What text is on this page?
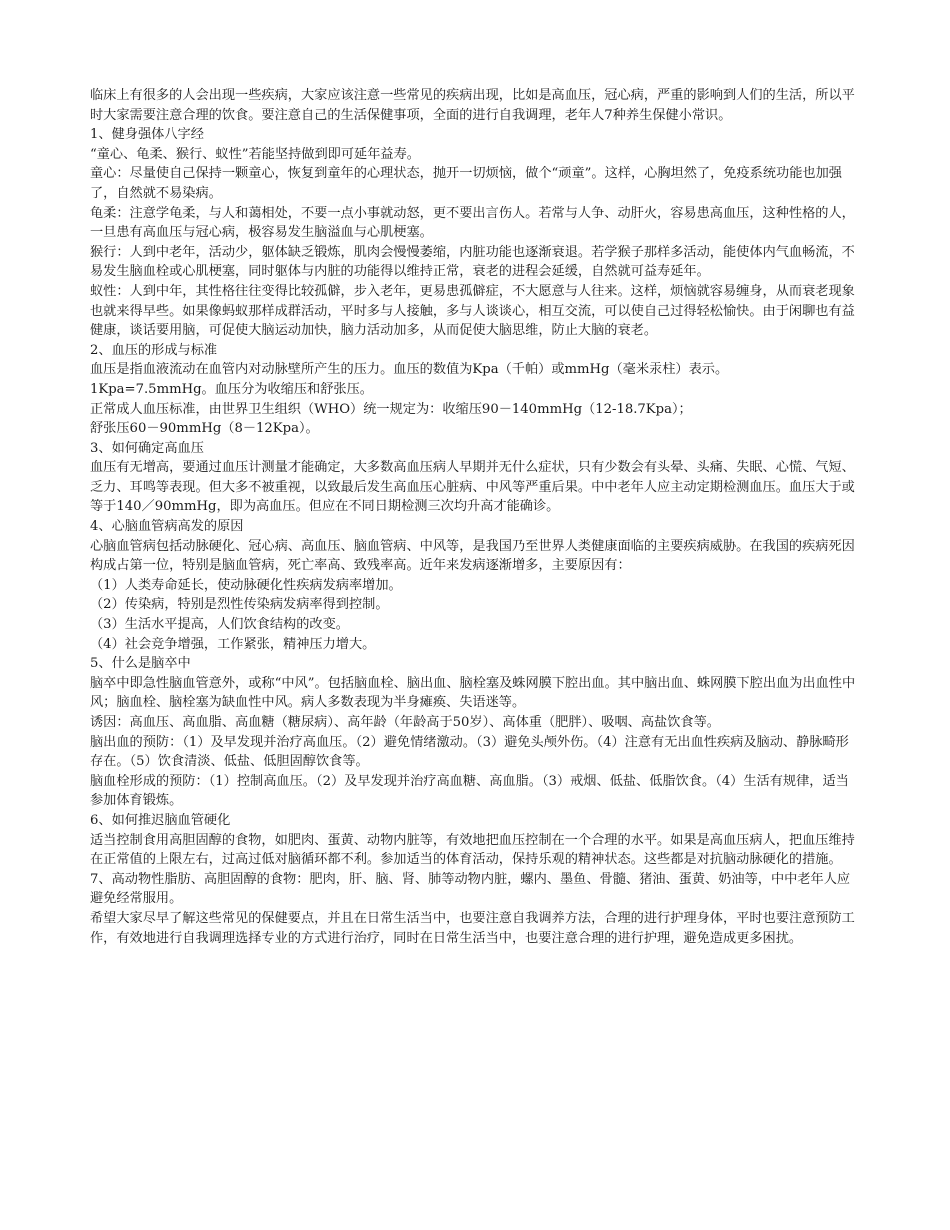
临床上有很多的人会出现一些疾病，大家应该注意一些常见的疾病出现，比如是高血压，冠心病，严重的影响到人们的生活，所以平时大家需要注意合理的饮食。要注意自己的生活保健事项，全面的进行自我调理，老年人7种养生保健小常识。

1、健身强体八字经

“童心、龟柔、猴行、蚁性”若能坚持做到即可延年益寿。

童心：尽量使自己保持一颗童心，恢复到童年的心理状态，抛开一切烦恼，做个“顽童”。这样，心胸坦然了，免疫系统功能也加强了，自然就不易染病。

龟柔：注意学龟柔，与人和蔼相处，不要一点小事就动怒，更不要出言伤人。若常与人争、动肝火，容易患高血压，这种性格的人，一旦患有高血压与冠心病，极容易发生脑溢血与心肌梗塞。

猴行：人到中老年，活动少，躯体缺乏锻炼，肌肉会慢慢萎缩，内脏功能也逐渐衰退。若学猴子那样多活动，能使体内气血畅流，不易发生脑血栓或心肌梗塞，同时躯体与内脏的功能得以维持正常，衰老的进程会延缓，自然就可益寿延年。

蚁性：人到中年，其性格往往变得比较孤僻，步入老年，更易患孤僻症，不大愿意与人往来。这样，烦恼就容易缠身，从而衰老现象也就来得早些。如果像蚂蚁那样成群活动，平时多与人接触，多与人谈谈心，相互交流，可以使自己过得轻松愉快。由于闲聊也有益健康，谈话要用脑，可促使大脑运动加快，脑力活动加多，从而促使大脑思维，防止大脑的衰老。

2、血压的形成与标准

血压是指血液流动在血管内对动脉壁所产生的压力。血压的数值为Kpa（千帕）或mmHg（毫米汞柱）表示。

1Kpa=7.5mmHg。血压分为收缩压和舒张压。

正常成人血压标准，由世界卫生组织（WHO）统一规定为：收缩压90－140mmHg（12-18.7Kpa）；

舒张压60－90mmHg（8－12Kpa）。

3、如何确定高血压

血压有无增高，要通过血压计测量才能确定，大多数高血压病人早期并无什么症状，只有少数会有头晕、头痛、失眠、心慌、气短、乏力、耳鸣等表现。但大多不被重视，以致最后发生高血压心脏病、中风等严重后果。中中老年人应主动定期检测血压。血压大于或等于140／90mmHg，即为高血压。但应在不同日期检测三次均升高才能确诊。

4、心脑血管病高发的原因

心脑血管病包括动脉硬化、冠心病、高血压、脑血管病、中风等，是我国乃至世界人类健康面临的主要疾病威胁。在我国的疾病死因构成占第一位，特别是脑血管病，死亡率高、致残率高。近年来发病逐渐增多，主要原因有：

（1）人类寿命延长，使动脉硬化性疾病发病率增加。

（2）传染病，特别是烈性传染病发病率得到控制。

（3）生活水平提高，人们饮食结构的改变。

（4）社会竞争增强，工作紧张，精神压力增大。

5、什么是脑卒中

脑卒中即急性脑血管意外，或称“中风”。包括脑血栓、脑出血、脑栓塞及蛛网膜下腔出血。其中脑出血、蛛网膜下腔出血为出血性中风；脑血栓、脑栓塞为缺血性中风。病人多数表现为半身瘫痪、失语迷等。

诱因：高血压、高血脂、高血糖（糖尿病）、高年龄（年龄高于50岁）、高体重（肥胖）、吸咽、高盐饮食等。

脑出血的预防：（1）及早发现并治疗高血压。（2）避免情绪激动。（3）避免头颅外伤。（4）注意有无出血性疾病及脑动、静脉畸形存在。（5）饮食清淡、低盐、低胆固醇饮食等。

脑血栓形成的预防：（1）控制高血压。（2）及早发现并治疗高血糖、高血脂。（3）戒烟、低盐、低脂饮食。（4）生活有规律，适当参加体育锻炼。

6、如何推迟脑血管硬化

适当控制食用高胆固醇的食物，如肥肉、蛋黄、动物内脏等，有效地把血压控制在一个合理的水平。如果是高血压病人，把血压维持在正常值的上限左右，过高过低对脑循环都不利。参加适当的体育活动，保持乐观的精神状态。这些都是对抗脑动脉硬化的措施。

7、高动物性脂肪、高胆固醇的食物：肥肉，肝、脑、肾、肺等动物内脏，螺内、墨鱼、骨髓、猪油、蛋黄、奶油等，中中老年人应避免经常服用。

希望大家尽早了解这些常见的保健要点，并且在日常生活当中，也要注意自我调养方法，合理的进行护理身体，平时也要注意预防工作，有效地进行自我调理选择专业的方式进行治疗，同时在日常生活当中，也要注意合理的进行护理，避免造成更多困扰。
